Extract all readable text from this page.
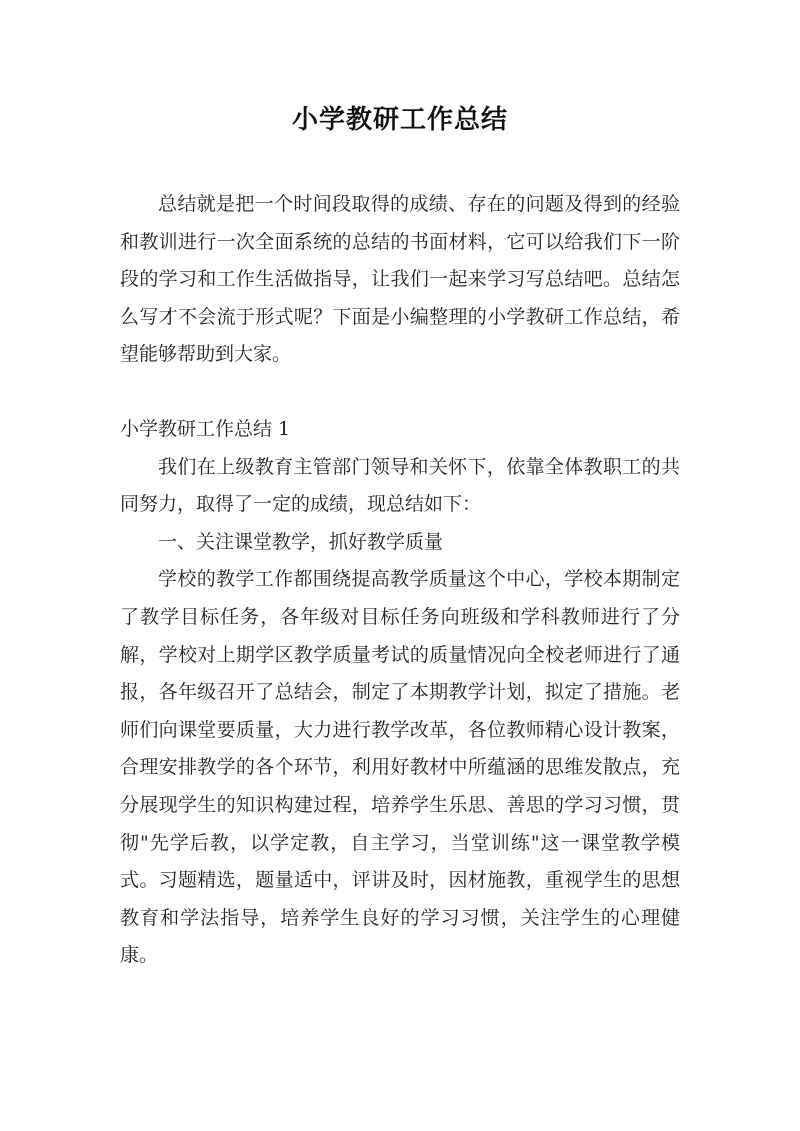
小学教研工作总结

总结就是把一个时间段取得的成绩、存在的问题及得到的经验和教训进行一次全面系统的总结的书面材料，它可以给我们下一阶段的学习和工作生活做指导，让我们一起来学习写总结吧。总结怎么写才不会流于形式呢？下面是小编整理的小学教研工作总结，希望能够帮助到大家。

小学教研工作总结 1

我们在上级教育主管部门领导和关怀下，依靠全体教职工的共同努力，取得了一定的成绩，现总结如下：

一、关注课堂教学，抓好教学质量

学校的教学工作都围绕提高教学质量这个中心，学校本期制定了教学目标任务，各年级对目标任务向班级和学科教师进行了分解，学校对上期学区教学质量考试的质量情况向全校老师进行了通报，各年级召开了总结会，制定了本期教学计划，拟定了措施。老师们向课堂要质量，大力进行教学改革，各位教师精心设计教案，合理安排教学的各个环节，利用好教材中所蕴涵的思维发散点，充分展现学生的知识构建过程，培养学生乐思、善思的学习习惯，贯彻"先学后教，以学定教，自主学习，当堂训练"这一课堂教学模式。习题精选，题量适中，评讲及时，因材施教，重视学生的思想教育和学法指导，培养学生良好的学习习惯，关注学生的心理健康。
